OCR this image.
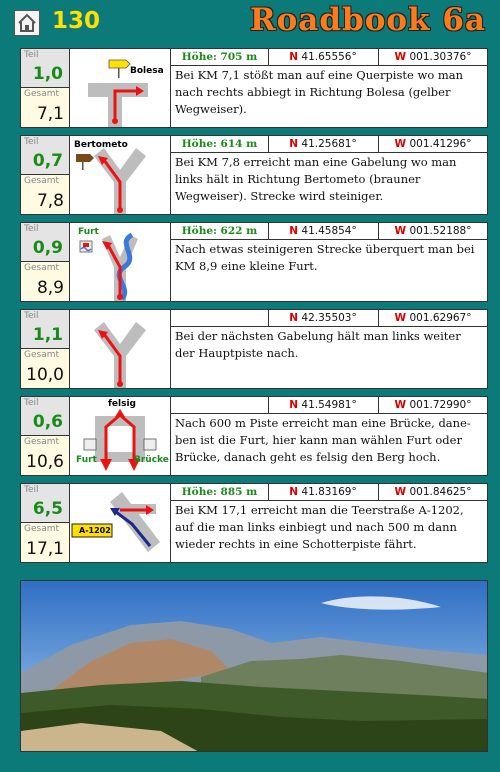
130	Roadbook 6a
Teil
1,0
Gesamt
7,1
Bolesa
Höhe: 705 m	N 41.65556°	W 001.30376°
Bei KM 7,1 stößt man auf eine Querpiste wo man nach rechts abbiegt in Richtung Bolesa (gelber Wegweiser).
Teil
0,7
Gesamt
7,8
Bertometo	Höhe: 614 m	N 41.25681°	W 001.41296°
Bei KM 7,8 erreicht man eine Gabelung wo man links hält in Richtung Bertometo (brauner Wegweiser). Strecke wird steiniger.
Teil
0,9
Gesamt
8,9
Furt	Höhe: 622 m	N 41.45854°	W 001.52188°
Nach etwas steinigeren Strecke überquert man bei KM 8,9 eine kleine Furt.
Teil
1,1
Gesamt
10,0
N 42.35503°	W 001.62967°
Bei der nächsten Gabelung hält man links weiter der Hauptpiste nach.
Teil
0,6
Gesamt
10,6
felsig
Furt	Brücke
N 41.54981°	W 001.72990°
Nach 600 m Piste erreicht man eine Brücke, dane-ben ist die Furt, hier kann man wählen Furt oder Brücke, danach geht es felsig den Berg hoch.
Teil
6,5
Gesamt
17,1
A-1202
Höhe: 885 m	N 41.83169°	W 001.84625°
Bei KM 17,1 erreicht man die Teerstraße A-1202, auf die man links einbiegt und nach 500 m dann wieder rechts in eine Schotterpiste fährt.
